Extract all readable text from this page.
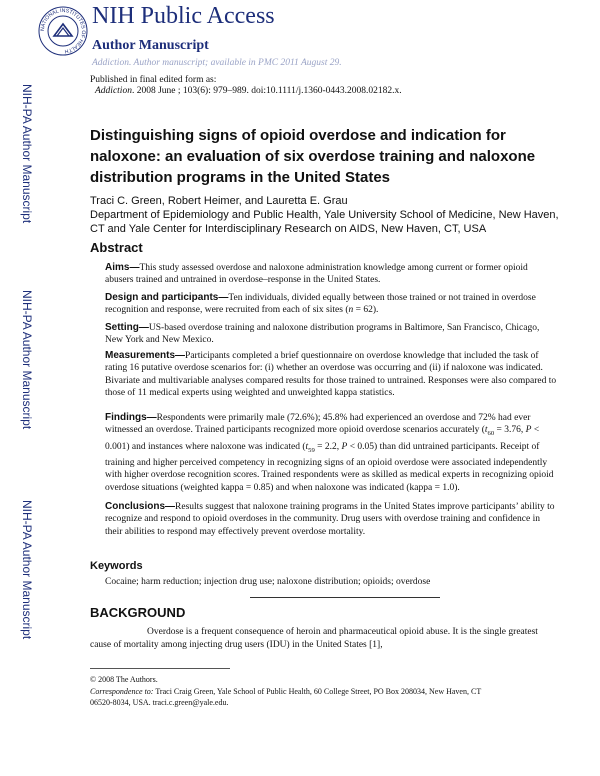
NATIONAL INSTITUTES OF HEALTH
NIH Public Access
Author Manuscript
Addiction. Author manuscript; available in PMC 2011 August 29.
NIH-PA Author Manuscript
NIH-PA Author Manuscript
NIH-PA Author Manuscript
Published in final edited form as:
Addiction. 2008 June ; 103(6): 979–989. doi:10.1111/j.1360-0443.2008.02182.x.
Distinguishing signs of opioid overdose and indication for naloxone: an evaluation of six overdose training and naloxone distribution programs in the United States
Traci C. Green, Robert Heimer, and Lauretta E. Grau
Department of Epidemiology and Public Health, Yale University School of Medicine, New Haven, CT and Yale Center for Interdisciplinary Research on AIDS, New Haven, CT, USA
Abstract
Aims—This study assessed overdose and naloxone administration knowledge among current or former opioid abusers trained and untrained in overdose–response in the United States.
Design and participants—Ten individuals, divided equally between those trained or not trained in overdose recognition and response, were recruited from each of six sites (n = 62).
Setting—US-based overdose training and naloxone distribution programs in Baltimore, San Francisco, Chicago, New York and New Mexico.
Measurements—Participants completed a brief questionnaire on overdose knowledge that included the task of rating 16 putative overdose scenarios for: (i) whether an overdose was occurring and (ii) if naloxone was indicated. Bivariate and multivariable analyses compared results for those trained to untrained. Responses were also compared to those of 11 medical experts using weighted and unweighted kappa statistics.
Findings—Respondents were primarily male (72.6%); 45.8% had experienced an overdose and 72% had ever witnessed an overdose. Trained participants recognized more opioid overdose scenarios accurately ($t_{60} = 3.76$, P < 0.001) and instances where naloxone was indicated ($t_{59} = 2.2$, P < 0.05) than did untrained participants. Receipt of training and higher perceived competency in recognizing signs of an opioid overdose were associated independently with higher overdose recognition scores. Trained respondents were as skilled as medical experts in recognizing opioid overdose situations (weighted kappa = 0.85) and when naloxone was indicated (kappa = 1.0).
Conclusions—Results suggest that naloxone training programs in the United States improve participants’ ability to recognize and respond to opioid overdoses in the community. Drug users with overdose training and confidence in their abilities to respond may effectively prevent overdose mortality.
Keywords
Cocaine; harm reduction; injection drug use; naloxone distribution; opioids; overdose
BACKGROUND
Overdose is a frequent consequence of heroin and pharmaceutical opioid abuse. It is the single greatest cause of mortality among injecting drug users (IDU) in the United States [1],
© 2008 The Authors.
Correspondence to: Traci Craig Green, Yale School of Public Health, 60 College Street, PO Box 208034, New Haven, CT 06520-8034, USA. traci.c.green@yale.edu.
